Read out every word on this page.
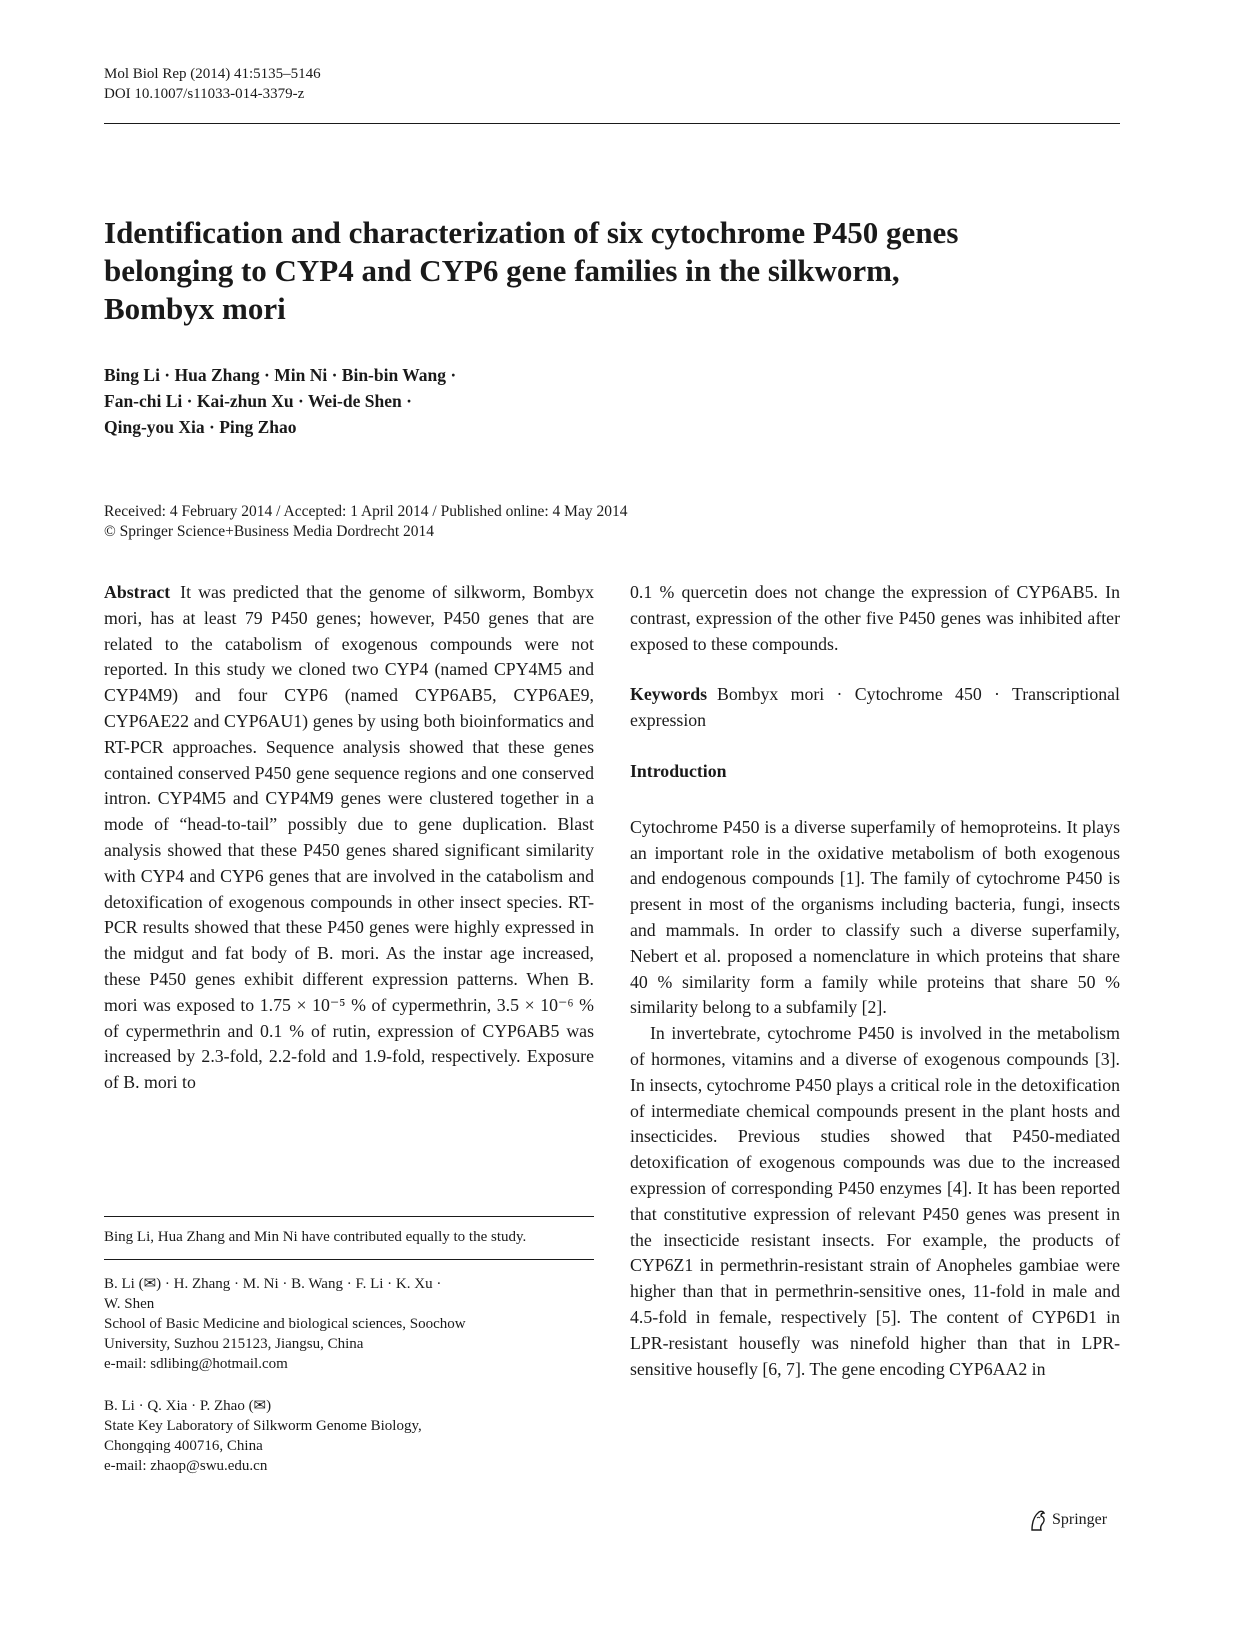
Mol Biol Rep (2014) 41:5135–5146
DOI 10.1007/s11033-014-3379-z
Identification and characterization of six cytochrome P450 genes
belonging to CYP4 and CYP6 gene families in the silkworm,
Bombyx mori
Bing Li · Hua Zhang · Min Ni · Bin-bin Wang ·
Fan-chi Li · Kai-zhun Xu · Wei-de Shen ·
Qing-you Xia · Ping Zhao
Received: 4 February 2014 / Accepted: 1 April 2014 / Published online: 4 May 2014
© Springer Science+Business Media Dordrecht 2014

Abstract It was predicted that the genome of silkworm, Bombyx mori, has at least 79 P450 genes; however, P450 genes that are related to the catabolism of exogenous compounds were not reported. In this study we cloned two CYP4 (named CPY4M5 and CYP4M9) and four CYP6 (named CYP6AB5, CYP6AE9, CYP6AE22 and CYP6AU1) genes by using both bioinformatics and RT-PCR approaches. Sequence analysis showed that these genes contained conserved P450 gene sequence regions and one conserved intron. CYP4M5 and CYP4M9 genes were clustered together in a mode of “head-to-tail” possibly due to gene duplication. Blast analysis showed that these P450 genes shared significant similarity with CYP4 and CYP6 genes that are involved in the catabolism and detoxification of exogenous compounds in other insect species. RT-PCR results showed that these P450 genes were highly expressed in the midgut and fat body of B. mori. As the instar age increased, these P450 genes exhibit different expression patterns. When B. mori was exposed to 1.75 × 10⁻⁵ % of cypermethrin, 3.5 × 10⁻⁶ % of cypermethrin and 0.1 % of rutin, expression of CYP6AB5 was increased by 2.3-fold, 2.2-fold and 1.9-fold, respectively. Exposure of B. mori to

Bing Li, Hua Zhang and Min Ni have contributed equally to the study.
B. Li (✉) · H. Zhang · M. Ni · B. Wang · F. Li · K. Xu ·
W. Shen
School of Basic Medicine and biological sciences, Soochow
University, Suzhou 215123, Jiangsu, China
e-mail: sdlibing@hotmail.com
B. Li · Q. Xia · P. Zhao (✉)
State Key Laboratory of Silkworm Genome Biology,
Chongqing 400716, China
e-mail: zhaop@swu.edu.cn

0.1 % quercetin does not change the expression of CYP6AB5. In contrast, expression of the other five P450 genes was inhibited after exposed to these compounds.

Keywords Bombyx mori · Cytochrome 450 · Transcriptional expression

Introduction

Cytochrome P450 is a diverse superfamily of hemoproteins. It plays an important role in the oxidative metabolism of both exogenous and endogenous compounds [1]. The family of cytochrome P450 is present in most of the organisms including bacteria, fungi, insects and mammals. In order to classify such a diverse superfamily, Nebert et al. proposed a nomenclature in which proteins that share 40 % similarity form a family while proteins that share 50 % similarity belong to a subfamily [2].

In invertebrate, cytochrome P450 is involved in the metabolism of hormones, vitamins and a diverse of exogenous compounds [3]. In insects, cytochrome P450 plays a critical role in the detoxification of intermediate chemical compounds present in the plant hosts and insecticides. Previous studies showed that P450-mediated detoxification of exogenous compounds was due to the increased expression of corresponding P450 enzymes [4]. It has been reported that constitutive expression of relevant P450 genes was present in the insecticide resistant insects. For example, the products of CYP6Z1 in permethrin-resistant strain of Anopheles gambiae were higher than that in permethrin-sensitive ones, 11-fold in male and 4.5-fold in female, respectively [5]. The content of CYP6D1 in LPR-resistant housefly was ninefold higher than that in LPR-sensitive housefly [6, 7]. The gene encoding CYP6AA2 in

Springer
